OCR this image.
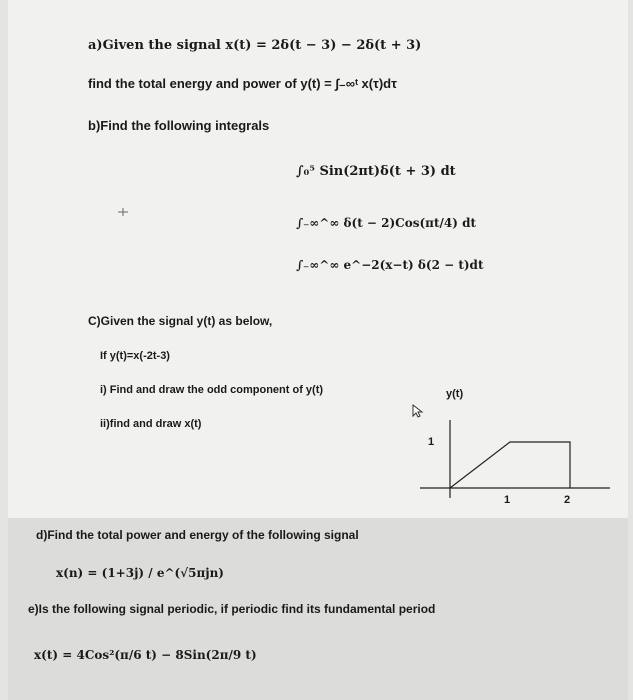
a)Given the signal x(t) = 2δ(t − 3) − 2δ(t + 3)
find the total energy and power of y(t) = ∫₋∞ᵗ x(τ)dτ
b)Find the following integrals
∫₀⁵ Sin(2πt)δ(t + 3) dt
∫₋∞^∞ δ(t − 2)Cos(πt/4) dt
∫₋∞^∞ e^−2(x−t) δ(2 − t)dt
C)Given the signal y(t) as below,
If y(t)=x(-2t-3)
i) Find and draw the odd component of y(t)
ii)find and draw x(t)
y(t)
1
1	2
d)Find the total power and energy of the following signal
x(n) = (1+3j) / e^(√5πjn)
e)Is the following signal periodic, if periodic find its fundamental period
x(t) = 4Cos²(π/6 t) − 8Sin(2π/9 t)
